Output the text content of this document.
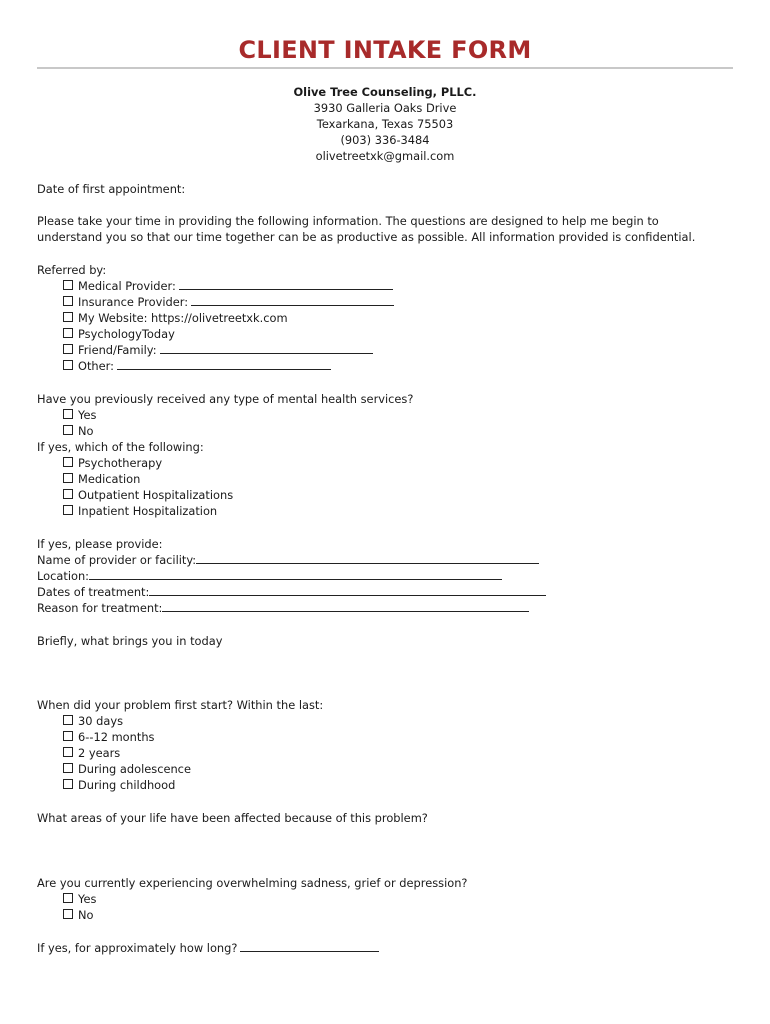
CLIENT INTAKE FORM
Olive Tree Counseling, PLLC.
3930 Galleria Oaks Drive
Texarkana, Texas 75503
(903) 336-3484
olivetreetxk@gmail.com
Date of first appointment:
Please take your time in providing the following information. The questions are designed to help me begin to
understand you so that our time together can be as productive as possible. All information provided is confidential.
Referred by:
Medical Provider:
Insurance Provider:
My Website: https://olivetreetxk.com
PsychologyToday
Friend/Family:
Other:
Have you previously received any type of mental health services?
Yes
No
If yes, which of the following:
Psychotherapy
Medication
Outpatient Hospitalizations
Inpatient Hospitalization
If yes, please provide:
Name of provider or facility:
Location:
Dates of treatment:
Reason for treatment:
Briefly, what brings you in today
When did your problem first start? Within the last:
30 days
6--12 months
2 years
During adolescence
During childhood
What areas of your life have been affected because of this problem?
Are you currently experiencing overwhelming sadness, grief or depression?
Yes
No
If yes, for approximately how long?
